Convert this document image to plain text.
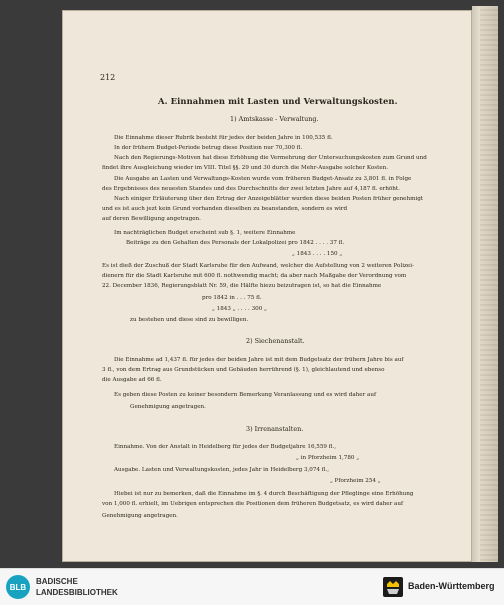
212
A. Einnahmen mit Lasten und Verwaltungskosten.
1) Amtskasse - Verwaltung.
Die Einnahme dieser Rubrik besteht für jedes der beiden Jahre in 100,535 fl.
In der frühern Budget-Periode betrug diese Position nur 70,300 fl.
Nach den Regierungs-Motiven hat diese Erhöhung die Vermehrung der Untersuchungskosten zum Grund und
findet ihre Ausgleichung wieder im VIII. Titel §§. 29 und 30 durch die Mehr-Ausgabe solcher Kosten.
Die Ausgabe an Lasten und Verwaltungs-Kosten wurde vom früheren Budget-Ansatz zu 3,801 fl. in Folge
des Ergebnisses des neuesten Standes und des Durchschnitts der zwei letzten Jahre auf 4,187 fl. erhöht.
Nach einiger Erläuterung über den Ertrag der Anzeigeblätter wurden diese beiden Posten früher genehmigt
und es ist auch jezt kein Grund vorhanden dieselben zu beanstanden, sondern es wird
auf deren Bewilligung angetragen.
Im nachträglichen Budget erscheint sub §. 1, weitere Einnahme
Beiträge zu den Gehalten des Personals der Lokalpolizei pro 1842 . . . . 37 fl.
„ 1843 . . . . 150 „
Es ist dieß der Zuschuß der Stadt Karlsruhe für den Aufwand, welcher die Aufstellung von 2 weiteren Polizei-
dienern für die Stadt Karlsruhe mit 600 fl. nothwendig macht; da aber nach Maßgabe der Verordnung vom
22. December 1836, Regierungsblatt Nr. 59, die Hälfte hiezu beizutragen ist, so hat die Einnahme
pro 1842 in . . . 75 fl.
„ 1843 „ . . . . 300 „
zu bestehen und diese sind zu bewilligen.
2) Siechenanstalt.
Die Einnahme ad 1,437 fl. für jedes der beiden Jahre ist mit dem Budgetsatz der frühern Jahre bis auf
3 fl., von dem Ertrag aus Grundstücken und Gebäuden herrührend (§. 1), gleichlautend und ebenso
die Ausgabe ad 66 fl.
Es geben diese Posten zu keiner besondern Bemerkung Veranlassung und es wird daher auf
Genehmigung angetragen.
3) Irrenanstalten.
Einnahme. Von der Anstalt in Heidelberg für jedes der Budgetjahre 16,559 fl.,
„ in Pforzheim 1,780 „
Ausgabe. Lasten und Verwaltungskosten, jedes Jahr in Heidelberg 3,074 fl.,
„ Pforzheim 254 „
Hiebei ist nur zu bemerken, daß die Einnahme im §. 4 durch Beschäftigung der Pfleglinge eine Erhöhung
von 1,000 fl. erhielt, im Uebrigen entsprechen die Positionen dem früheren Budgetsatz, es wird daher auf
Genehmigung angetragen.
BLB
BADISCHE
LANDESBIBLIOTHEK
Baden-Württemberg
